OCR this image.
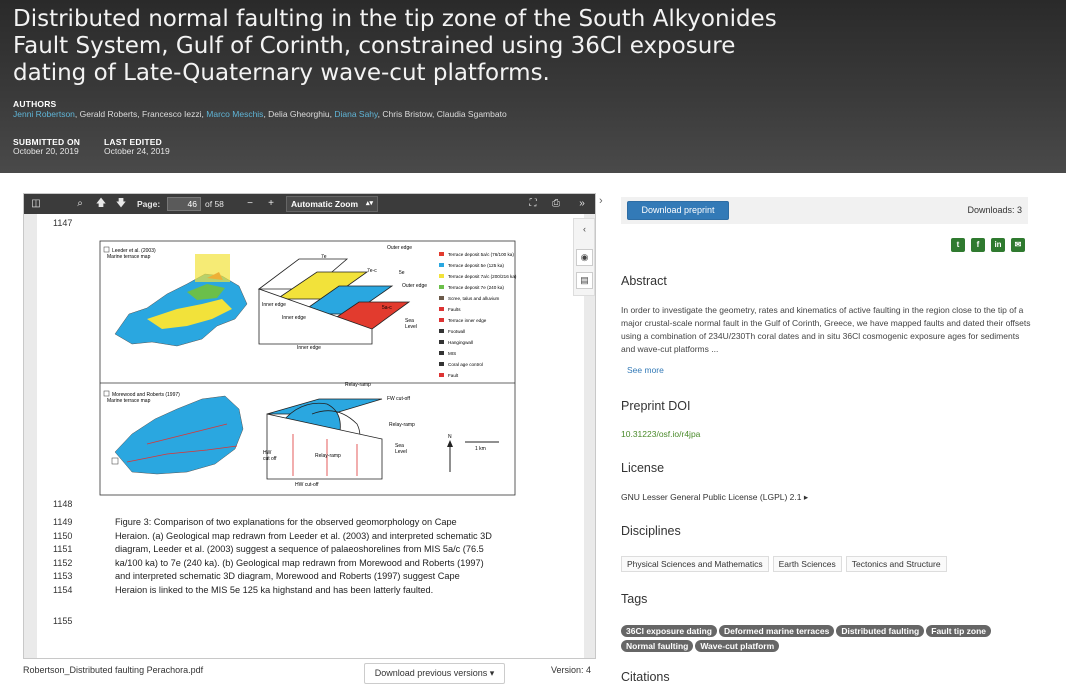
Distributed normal faulting in the tip zone of the South Alkyonides Fault System, Gulf of Corinth, constrained using 36Cl exposure dating of Late-Quaternary wave-cut platforms.
AUTHORS
Jenni Robertson, Gerald Roberts, Francesco Iezzi, Marco Meschis, Delia Gheorghiu, Diana Sahy, Chris Bristow, Claudia Sgambato
SUBMITTED ON
October 20, 2019
LAST EDITED
October 24, 2019
◫	⌕	🡅 🡇 Page:	46 of 58	−	+	Automatic Zoom ▴▾	⛶	⎙	»
1147
Leeder et al. (2003)
Marine terrace map	7e
7e-c	5e
5a-c
Outer edge
Outer edge
Inner edge
Inner edge
Inner edge
Sea
Level
Terrace deposit 5a/c (76/100 ka)
Terrace deposit 5e (125 ka)
Terrace deposit 7a/c (200/216 ka)
Terrace deposit 7e (240 ka)
Scree, talus and alluvium
Faults
Terrace inner edge
Footwall
Hangingwall
MIS
Coral age control
Fault
Morewood and Roberts (1997)
Marine terrace map
Relay-ramp
FW cut-off
Relay-ramp
Relay-ramp
HW
cut off
HW cut-off
Sea
Level
N
1 km
1148
1149	Figure 3: Comparison of two explanations for the observed geomorphology on Cape
1150	Heraion. (a) Geological map redrawn from Leeder et al. (2003) and interpreted schematic 3D
1151	diagram, Leeder et al. (2003) suggest a sequence of palaeoshorelines from MIS 5a/c (76.5
1152	ka/100 ka) to 7e (240 ka). (b) Geological map redrawn from Morewood and Roberts (1997)
1153	and interpreted schematic 3D diagram, Morewood and Roberts (1997) suggest Cape
1154	Heraion is linked to the MIS 5e 125 ka highstand and has been latterly faulted.
1155
‹
◉
▤
›
Robertson_Distributed faulting Perachora.pdf	Download previous versions ▾	Version: 4
Download preprint	Downloads: 3
t	f	in	✉
Abstract
In order to investigate the geometry, rates and kinematics of active faulting in the region close to the tip of a major crustal-scale normal fault in the Gulf of Corinth, Greece, we have mapped faults and dated their offsets using a combination of 234U/230Th coral dates and in situ 36Cl cosmogenic exposure ages for sediments and wave-cut platforms ...
See more
Preprint DOI
10.31223/osf.io/r4jpa
License
GNU Lesser General Public License (LGPL) 2.1 ▸
Disciplines
Physical Sciences and Mathematics Earth Sciences Tectonics and Structure
Tags
36Cl exposure dating Deformed marine terraces Distributed faulting Fault tip zoneNormal faulting Wave-cut platform
Citations
